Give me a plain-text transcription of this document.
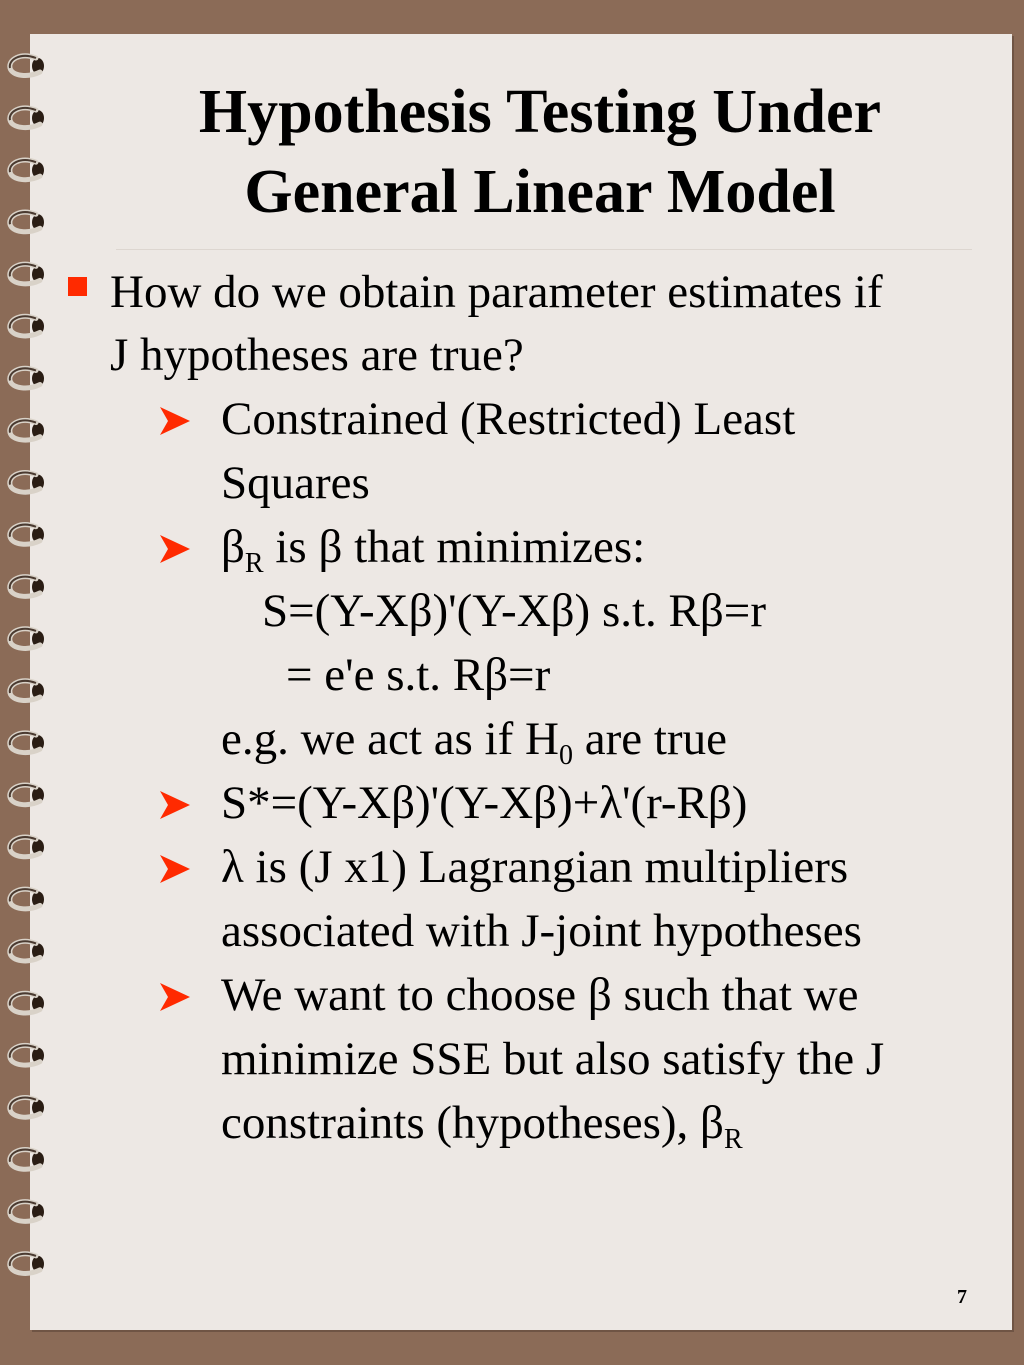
Hypothesis Testing Under
General Linear Model
How do we obtain parameter estimates if
J hypotheses are true?
Constrained (Restricted) Least
Squares
$\beta_R$ is β that minimizes:
S=(Y-Xβ)'(Y-Xβ) s.t. Rβ=r
= e'e s.t. Rβ=r
e.g. we act as if $H_0$ are true
S*=(Y-Xβ)'(Y-Xβ)+λ'(r-Rβ)
λ is (J x1) Lagrangian multipliers
associated with J-joint hypotheses
We want to choose β such that we
minimize SSE but also satisfy the J
constraints (hypotheses), $\beta_R$
7
